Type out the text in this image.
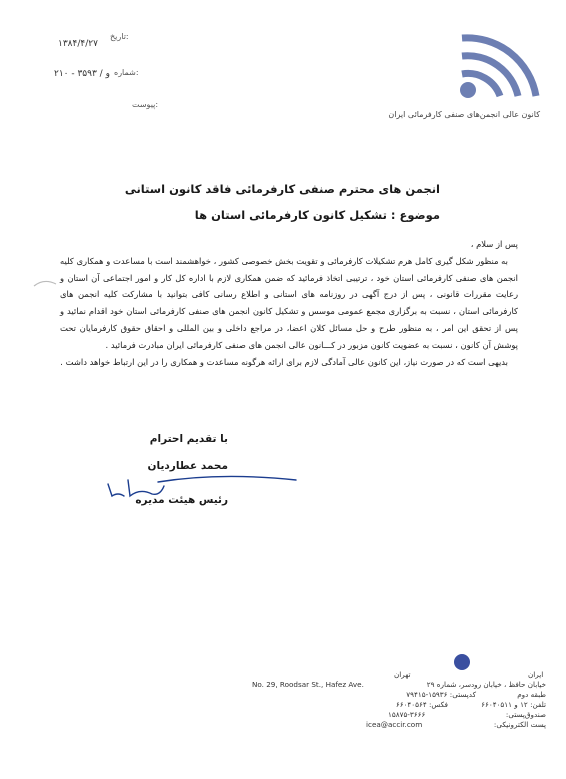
تاریخ:
۱۳۸۴/۴/۲۷
شماره:
۲۱۰ - ۳۵۹۳ / و
پیوست:
کانون عالی انجمن‌های صنفی کارفرمائی ایران
انجمن های محترم صنفی کارفرمائی فاقد کانون استانی
موضوع : تشکیل کانون کارفرمائی استان ها

پس از سلام ،

به منظور شکل گیری کامل هرم تشکیلات کارفرمائی و تقویت بخش خصوصی کشور ، خواهشمند است با مساعدت و همکاری کلیه انجمن های صنفی کارفرمائی استان خود ، ترتیبی اتخاذ فرمائید که ضمن همکاری لازم با اداره کل کار و امور اجتماعی آن استان و رعایت مقررات قانونی ، پس از درج آگهی در روزنامه های استانی و اطلاع رسانی کافی بتوانید با مشارکت کلیه انجمن های کارفرمائی استان ، نسبت به برگزاری مجمع عمومی موسس و تشکیل کانون انجمن های صنفی کارفرمائی استان خود اقدام نمائید و پس از تحقق این امر ، به منظور طرح و حل مسائل کلان اعضا، در مراجع داخلی و بین المللی و احقاق حقوق کارفرمایان تحت پوشش آن کانون ، نسبت به عضویت کانون مزبور در کـــانون عالی انجمن های صنفی کارفرمائی ایران مبادرت فرمائید .

بدیهی است که در صورت نیاز، این کانون عالی آمادگی لازم برای ارائه هرگونه مساعدت و همکاری را در این ارتباط خواهد داشت .

با تقدیم احترام
محمد عطاردیان
رئیس هیئت مدیره
تهران	ایران
خیابان حافظ ، خیابان رودسر، شماره ۲۹
No. 29, Roodsar St., Hafez Ave.
طبقه دوم
کدپستی: ۱۵۹۳۶-۷۹۴۱۵
تلفن: ۱۲ و ۶۶۰۴۰۵۱۱
فکس: ۶۶۰۴۰۵۶۴
صندوق‌پستی:
۱۵۸۷۵-۳۶۶۶
پست الکترونیکی:
icea@accir.com
